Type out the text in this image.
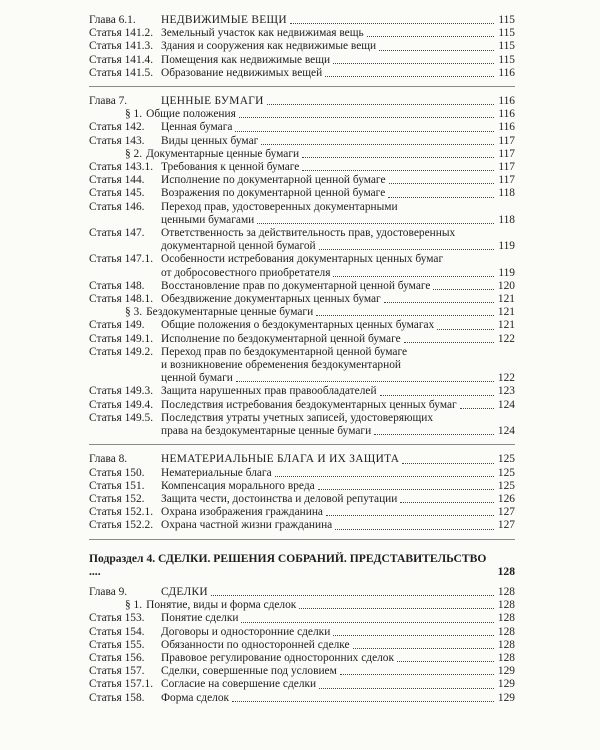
Глава 6.1.	НЕДВИЖИМЫЕ ВЕЩИ	115
Статья 141.2. Земельный участок как недвижимая вещь	115
Статья 141.3. Здания и сооружения как недвижимые вещи	115
Статья 141.4. Помещения как недвижимые вещи	115
Статья 141.5. Образование недвижимых вещей	116
Глава 7.	ЦЕННЫЕ БУМАГИ	116
§ 1. Общие положения	116
Статья 142.	Ценная бумага	116
Статья 143.	Виды ценных бумаг	117
§ 2. Документарные ценные бумаги	117
Статья 143.1. Требования к ценной бумаге	117
Статья 144.	Исполнение по документарной ценной бумаге	117
Статья 145.	Возражения по документарной ценной бумаге	118
Статья 146.	Переход прав, удостоверенных документарными
ценными бумагами	118
Статья 147.	Ответственность за действительность прав, удостоверенных
документарной ценной бумагой	119
Статья 147.1. Особенности истребования документарных ценных бумаг
от добросовестного приобретателя	119
Статья 148.	Восстановление прав по документарной ценной бумаге	120
Статья 148.1. Обездвижение документарных ценных бумаг	121
§ 3. Бездокументарные ценные бумаги	121
Статья 149.	Общие положения о бездокументарных ценных бумагах	121
Статья 149.1. Исполнение по бездокументарной ценной бумаге	122
Статья 149.2. Переход прав по бездокументарной ценной бумаге
и возникновение обременения бездокументарной
ценной бумаги	122
Статья 149.3. Защита нарушенных прав правообладателей	123
Статья 149.4. Последствия истребования бездокументарных ценных бумаг	124
Статья 149.5. Последствия утраты учетных записей, удостоверяющих
права на бездокументарные ценные бумаги	124
Глава 8.	НЕМАТЕРИАЛЬНЫЕ БЛАГА И ИХ ЗАЩИТА	125
Статья 150.	Нематериальные блага	125
Статья 151.	Компенсация морального вреда	125
Статья 152.	Защита чести, достоинства и деловой репутации	126
Статья 152.1. Охрана изображения гражданина	127
Статья 152.2. Охрана частной жизни гражданина	127
Подраздел 4. СДЕЛКИ. РЕШЕНИЯ СОБРАНИЙ. ПРЕДСТАВИТЕЛЬСТВО ....	128
Глава 9.	СДЕЛКИ	128
§ 1. Понятие, виды и форма сделок	128
Статья 153.	Понятие сделки	128
Статья 154.	Договоры и односторонние сделки	128
Статья 155.	Обязанности по односторонней сделке	128
Статья 156.	Правовое регулирование односторонних сделок	128
Статья 157.	Сделки, совершенные под условием	129
Статья 157.1. Согласие на совершение сделки	129
Статья 158.	Форма сделок	129
